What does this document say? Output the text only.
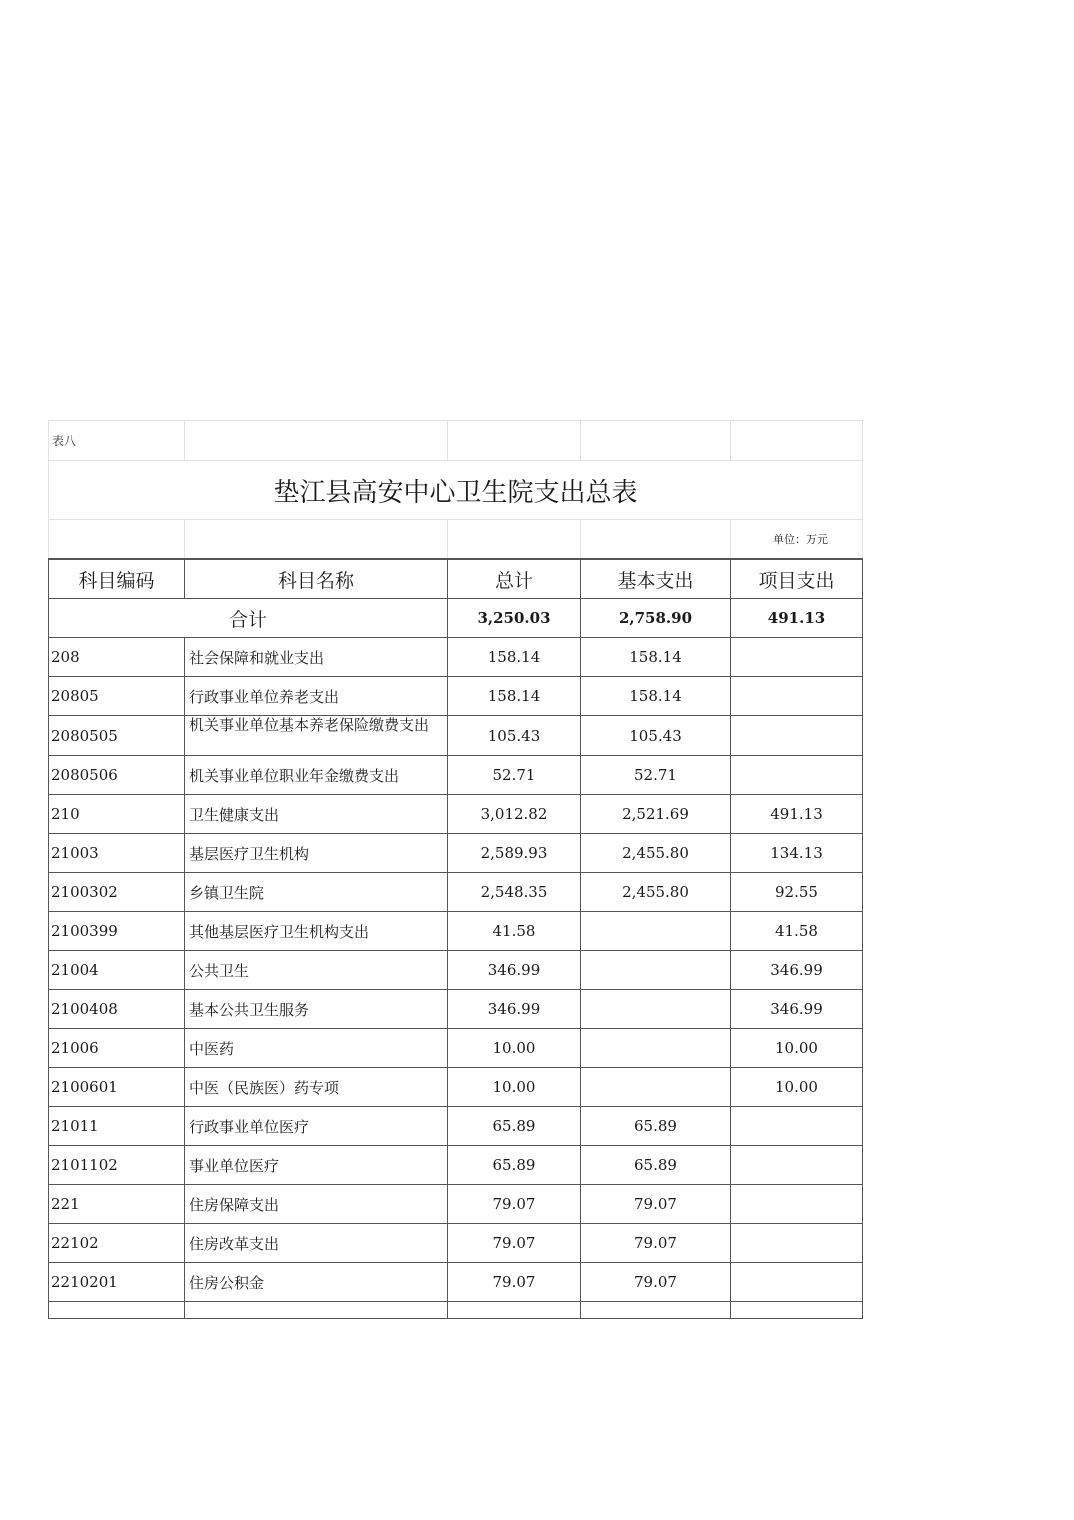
表八				
垫江县高安中心卫生院支出总表				
				单位：万元
科目编码	科目名称	总计	基本支出	项目支出
合计		3,250.03	2,758.90	491.13
208	社会保障和就业支出	158.14	158.14	
20805	行政事业单位养老支出	158.14	158.14	
2080505	机关事业单位基本养老保险缴费支出	105.43	105.43	
2080506	机关事业单位职业年金缴费支出	52.71	52.71	
210	卫生健康支出	3,012.82	2,521.69	491.13
21003	基层医疗卫生机构	2,589.93	2,455.80	134.13
2100302	乡镇卫生院	2,548.35	2,455.80	92.55
2100399	其他基层医疗卫生机构支出	41.58		41.58
21004	公共卫生	346.99		346.99
2100408	基本公共卫生服务	346.99		346.99
21006	中医药	10.00		10.00
2100601	中医（民族医）药专项	10.00		10.00
21011	行政事业单位医疗	65.89	65.89	
2101102	事业单位医疗	65.89	65.89	
221	住房保障支出	79.07	79.07	
22102	住房改革支出	79.07	79.07	
2210201	住房公积金	79.07	79.07	
